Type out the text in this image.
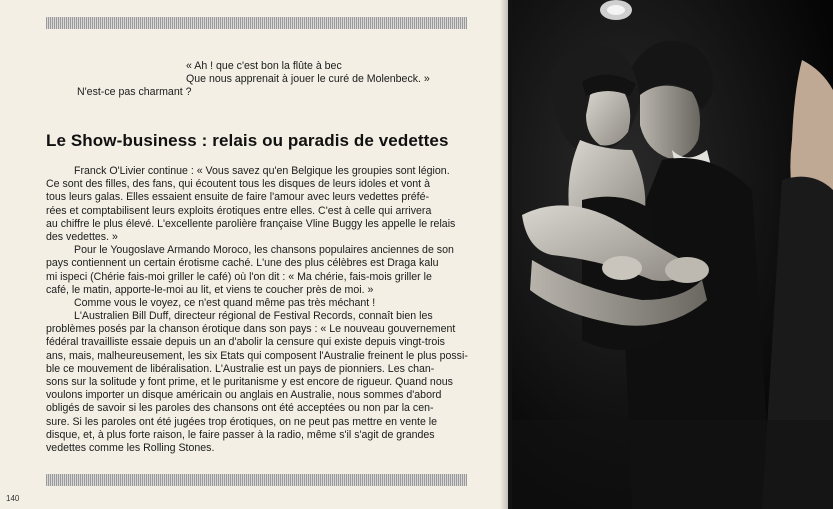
« Ah ! que c'est bon la flûte à bec
Que nous apprenait à jouer le curé de Molenbeck. »
N'est-ce pas charmant ?
Le Show-business : relais ou paradis de vedettes
Franck O'Livier continue : « Vous savez qu'en Belgique les groupies sont légion.
Ce sont des filles, des fans, qui écoutent tous les disques de leurs idoles et vont à
tous leurs galas. Elles essaient ensuite de faire l'amour avec leurs vedettes préfé-
rées et comptabilisent leurs exploits érotiques entre elles. C'est à celle qui arrivera
au chiffre le plus élevé. L'excellente parolière française Vline Buggy les appelle le relais
des vedettes. »
Pour le Yougoslave Armando Moroco, les chansons populaires anciennes de son
pays contiennent un certain érotisme caché. L'une des plus célèbres est Draga kalu
mi ispeci (Chérie fais-moi griller le café) où l'on dit : « Ma chérie, fais-mois griller le
café, le matin, apporte-le-moi au lit, et viens te coucher près de moi. »
Comme vous le voyez, ce n'est quand même pas très méchant !
L'Australien Bill Duff, directeur régional de Festival Records, connaît bien les
problèmes posés par la chanson érotique dans son pays : « Le nouveau gouvernement
fédéral travailliste essaie depuis un an d'abolir la censure qui existe depuis vingt-trois
ans, mais, malheureusement, les six Etats qui composent l'Australie freinent le plus possi-
ble ce mouvement de libéralisation. L'Australie est un pays de pionniers. Les chan-
sons sur la solitude y font prime, et le puritanisme y est encore de rigueur. Quand nous
voulons importer un disque américain ou anglais en Australie, nous sommes d'abord
obligés de savoir si les paroles des chansons ont été acceptées ou non par la cen-
sure. Si les paroles ont été jugées trop érotiques, on ne peut pas mettre en vente le
disque, et, à plus forte raison, le faire passer à la radio, même s'il s'agit de grandes
vedettes comme les Rolling Stones.
140
